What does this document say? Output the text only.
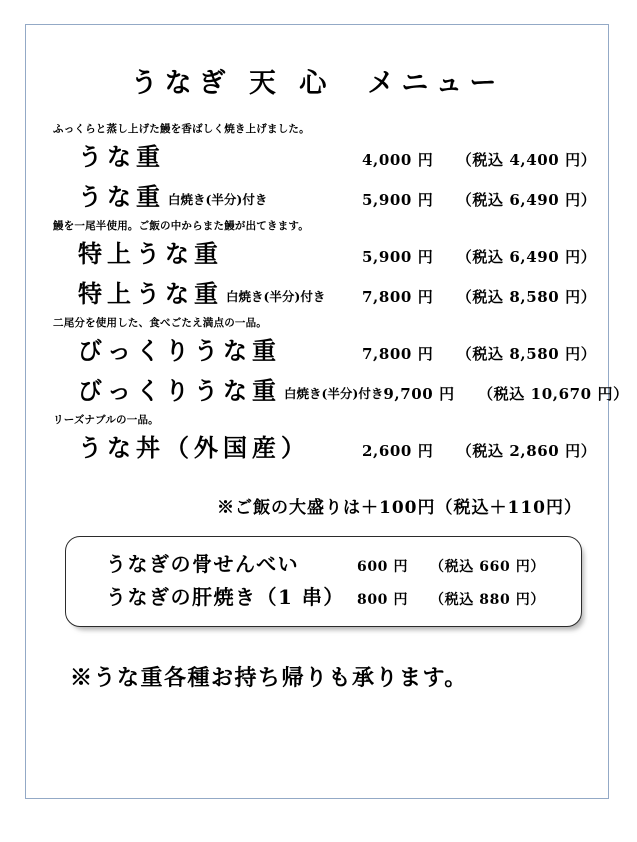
うなぎ 天 心　メニュー
ふっくらと蒸し上げた鰻を香ばしく焼き上げました。
うな重	4,000 円 （税込 4,400 円）
うな重 白焼き(半分)付き	5,900 円 （税込 6,490 円）
鰻を一尾半使用。ご飯の中からまた鰻が出てきます。
特上うな重	5,900 円 （税込 6,490 円）
特上うな重 白焼き(半分)付き 7,800 円 （税込 8,580 円）
二尾分を使用した、食べごたえ満点の一品。
びっくりうな重	7,800 円 （税込 8,580 円）
びっくりうな重 白焼き(半分)付き 9,700 円 （税込 10,670 円）
リーズナブルの一品。
うな丼（外国産）	2,600 円 （税込 2,860 円）
※ご飯の大盛りは＋100円（税込＋110円）
うなぎの骨せんべい	600 円 （税込 660 円）
うなぎの肝焼き（1 串） 800 円 （税込 880 円）
※うな重各種お持ち帰りも承ります。
